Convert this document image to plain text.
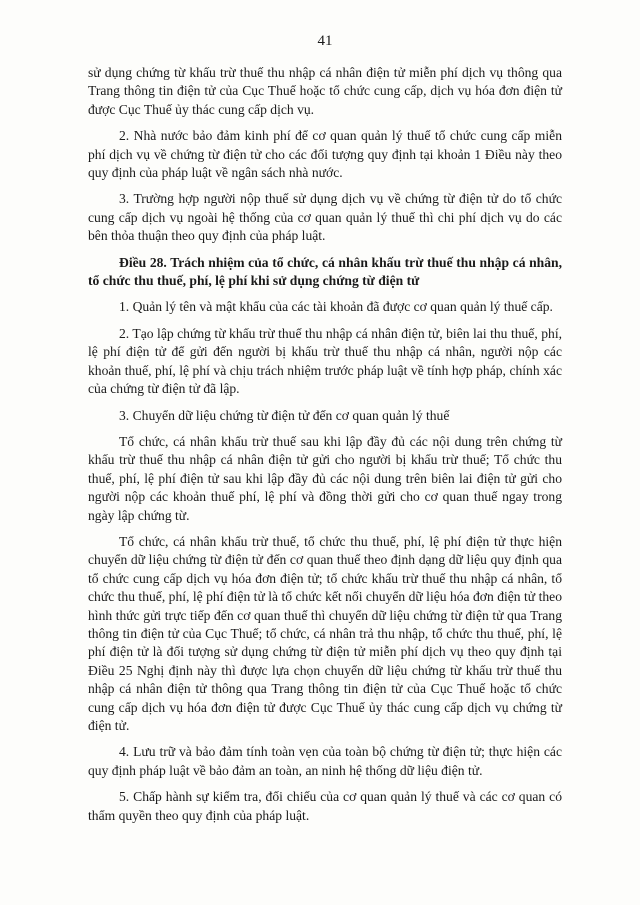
41

sử dụng chứng từ khấu trừ thuế thu nhập cá nhân điện tử miễn phí dịch vụ thông qua Trang thông tin điện tử của Cục Thuế hoặc tổ chức cung cấp, dịch vụ hóa đơn điện tử được Cục Thuế ủy thác cung cấp dịch vụ.

2. Nhà nước bảo đảm kinh phí để cơ quan quản lý thuế tổ chức cung cấp miễn phí dịch vụ về chứng từ điện tử cho các đối tượng quy định tại khoản 1 Điều này theo quy định của pháp luật về ngân sách nhà nước.

3. Trường hợp người nộp thuế sử dụng dịch vụ về chứng từ điện tử do tổ chức cung cấp dịch vụ ngoài hệ thống của cơ quan quản lý thuế thì chi phí dịch vụ do các bên thỏa thuận theo quy định của pháp luật.

Điều 28. Trách nhiệm của tổ chức, cá nhân khấu trừ thuế thu nhập cá nhân, tổ chức thu thuế, phí, lệ phí khi sử dụng chứng từ điện tử

1. Quản lý tên và mật khẩu của các tài khoản đã được cơ quan quản lý thuế cấp.

2. Tạo lập chứng từ khấu trừ thuế thu nhập cá nhân điện tử, biên lai thu thuế, phí, lệ phí điện tử để gửi đến người bị khấu trừ thuế thu nhập cá nhân, người nộp các khoản thuế, phí, lệ phí và chịu trách nhiệm trước pháp luật về tính hợp pháp, chính xác của chứng từ điện tử đã lập.

3. Chuyển dữ liệu chứng từ điện tử đến cơ quan quản lý thuế

Tổ chức, cá nhân khấu trừ thuế sau khi lập đầy đủ các nội dung trên chứng từ khấu trừ thuế thu nhập cá nhân điện tử gửi cho người bị khấu trừ thuế; Tổ chức thu thuế, phí, lệ phí điện tử sau khi lập đầy đủ các nội dung trên biên lai điện tử gửi cho người nộp các khoản thuế phí, lệ phí và đồng thời gửi cho cơ quan thuế ngay trong ngày lập chứng từ.

Tổ chức, cá nhân khấu trừ thuế, tổ chức thu thuế, phí, lệ phí điện tử thực hiện chuyển dữ liệu chứng từ điện tử đến cơ quan thuế theo định dạng dữ liệu quy định qua tổ chức cung cấp dịch vụ hóa đơn điện tử; tổ chức khấu trừ thuế thu nhập cá nhân, tổ chức thu thuế, phí, lệ phí điện tử là tổ chức kết nối chuyển dữ liệu hóa đơn điện tử theo hình thức gửi trực tiếp đến cơ quan thuế thì chuyển dữ liệu chứng từ điện tử qua Trang thông tin điện tử của Cục Thuế; tổ chức, cá nhân trả thu nhập, tổ chức thu thuế, phí, lệ phí điện tử là đối tượng sử dụng chứng từ điện tử miễn phí dịch vụ theo quy định tại Điều 25 Nghị định này thì được lựa chọn chuyển dữ liệu chứng từ khấu trừ thuế thu nhập cá nhân điện tử thông qua Trang thông tin điện tử của Cục Thuế hoặc tổ chức cung cấp dịch vụ hóa đơn điện tử được Cục Thuế ủy thác cung cấp dịch vụ chứng từ điện tử.

4. Lưu trữ và bảo đảm tính toàn vẹn của toàn bộ chứng từ điện tử; thực hiện các quy định pháp luật về bảo đảm an toàn, an ninh hệ thống dữ liệu điện tử.

5. Chấp hành sự kiểm tra, đối chiếu của cơ quan quản lý thuế và các cơ quan có thẩm quyền theo quy định của pháp luật.
